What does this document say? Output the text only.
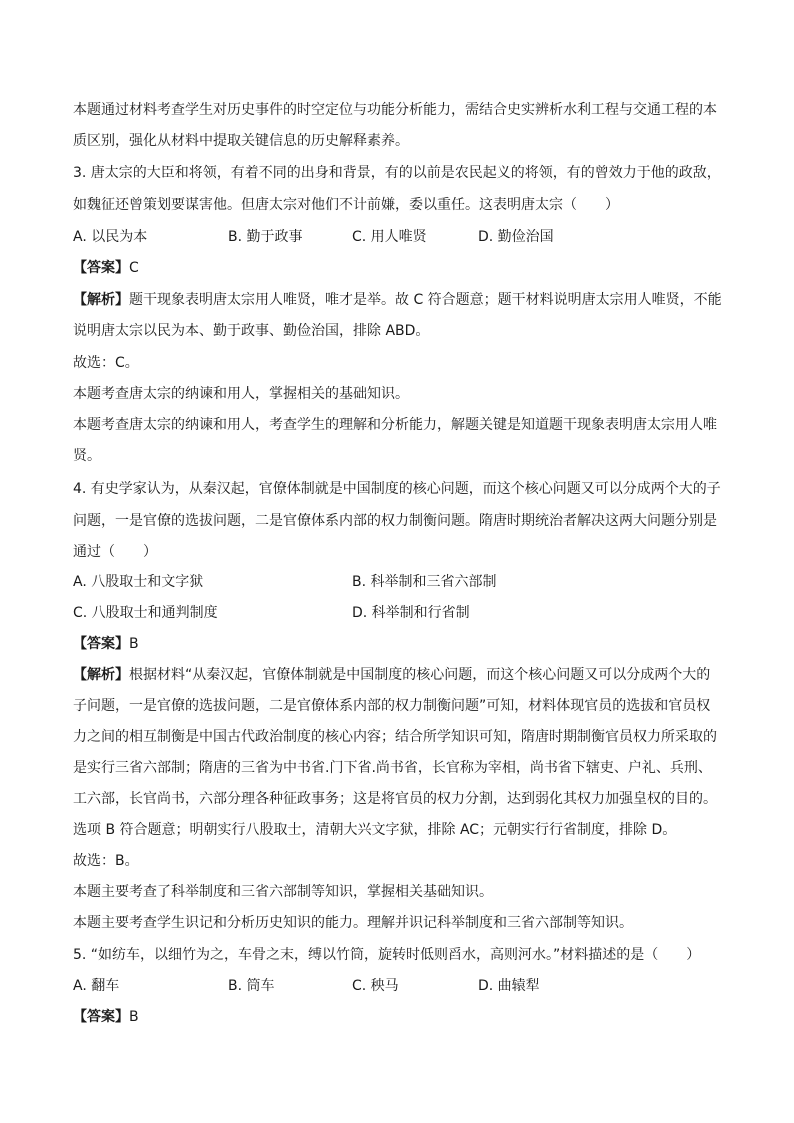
本题通过材料考查学生对历史事件的时空定位与功能分析能力，需结合史实辨析水利工程与交通工程的本
质区别，强化从材料中提取关键信息的历史解释素养。
3. 唐太宗的大臣和将领，有着不同的出身和背景，有的以前是农民起义的将领，有的曾效力于他的政敌，
如魏征还曾策划要谋害他。但唐太宗对他们不计前嫌，委以重任。这表明唐太宗（　　）
A. 以民为本	B. 勤于政事	C. 用人唯贤	D. 勤俭治国
【答案】C
【解析】题干现象表明唐太宗用人唯贤，唯才是举。故 C 符合题意；题干材料说明唐太宗用人唯贤，不能
说明唐太宗以民为本、勤于政事、勤俭治国，排除 ABD。
故选：C。
本题考查唐太宗的纳谏和用人，掌握相关的基础知识。
本题考查唐太宗的纳谏和用人，考查学生的理解和分析能力，解题关键是知道题干现象表明唐太宗用人唯
贤。
4. 有史学家认为，从秦汉起，官僚体制就是中国制度的核心问题，而这个核心问题又可以分成两个大的子
问题，一是官僚的选拔问题，二是官僚体系内部的权力制衡问题。隋唐时期统治者解决这两大问题分别是
通过（　　）
A. 八股取士和文字狱	B. 科举制和三省六部制
C. 八股取士和通判制度	D. 科举制和行省制
【答案】B
【解析】根据材料“从秦汉起，官僚体制就是中国制度的核心问题，而这个核心问题又可以分成两个大的
子问题，一是官僚的选拔问题，二是官僚体系内部的权力制衡问题”可知，材料体现官员的选拔和官员权
力之间的相互制衡是中国古代政治制度的核心内容；结合所学知识可知，隋唐时期制衡官员权力所采取的
是实行三省六部制；隋唐的三省为中书省.门下省.尚书省，长官称为宰相，尚书省下辖吏、户礼、兵刑、
工六部，长官尚书，六部分理各种征政事务；这是将官员的权力分割，达到弱化其权力加强皇权的目的。
选项 B 符合题意；明朝实行八股取士，清朝大兴文字狱，排除 AC；元朝实行行省制度，排除 D。
故选：B。
本题主要考查了科举制度和三省六部制等知识，掌握相关基础知识。
本题主要考查学生识记和分析历史知识的能力。理解并识记科举制度和三省六部制等知识。
5. “如纺车，以细竹为之，车骨之末，缚以竹筒，旋转时低则舀水，高则河水。”材料描述的是（　　）
A. 翻车	B. 筒车	C. 秧马	D. 曲辕犁
【答案】B
